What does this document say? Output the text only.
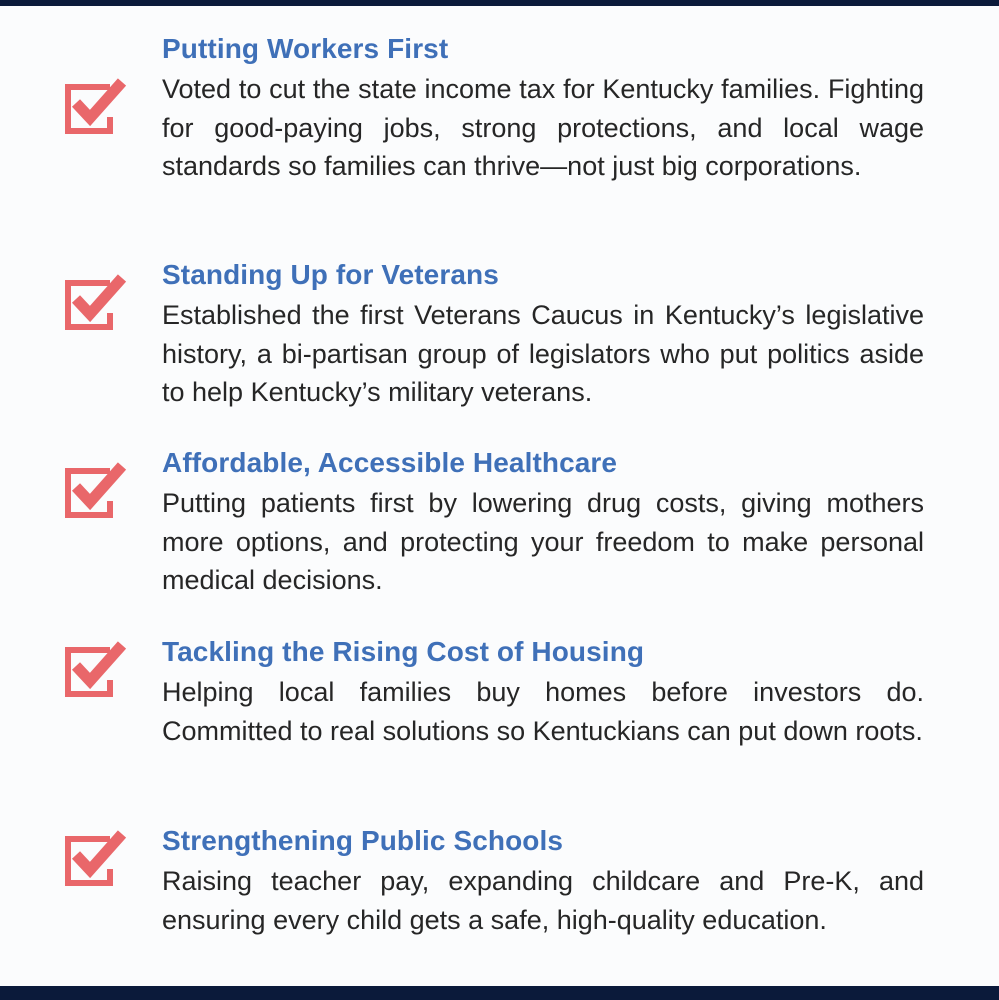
Putting Workers First
Voted to cut the state income tax for Kentucky families. Fighting for good-paying jobs, strong protections, and local wage standards so families can thrive—not just big corporations.
Standing Up for Veterans
Established the first Veterans Caucus in Kentucky’s legislative history, a bi-partisan group of legislators who put politics aside to help Kentucky’s military veterans.
Affordable, Accessible Healthcare
Putting patients first by lowering drug costs, giving mothers more options, and protecting your freedom to make personal medical decisions.
Tackling the Rising Cost of Housing
Helping local families buy homes before investors do. Committed to real solutions so Kentuckians can put down roots.
Strengthening Public Schools
Raising teacher pay, expanding childcare and Pre-K, and ensuring every child gets a safe, high-quality education.
